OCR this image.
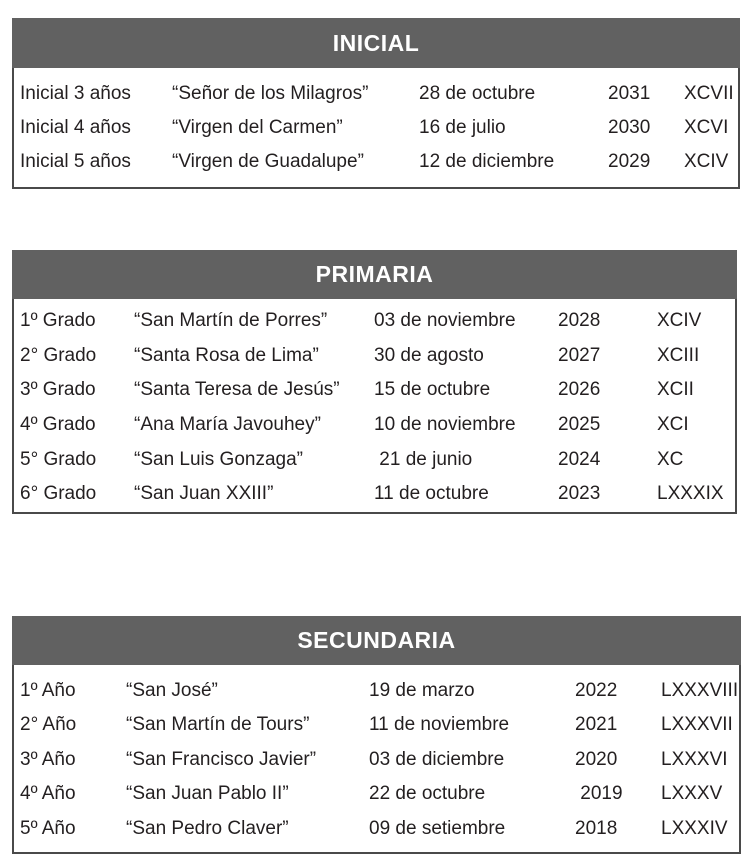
INICIAL
Inicial 3 años “Señor de los Milagros”	28 de octubre	2031 XCVII
Inicial 4 años “Virgen del Carmen”	16 de julio	2030 XCVI
Inicial 5 años “Virgen de Guadalupe”	12 de diciembre	2029 XCIV
PRIMARIA
1º Grado “San Martín de Porres” 03 de noviembre 2028	XCIV
2° Grado “Santa Rosa de Lima”	30 de agosto	2027	XCIII
3º Grado “Santa Teresa de Jesús” 15 de octubre	2026	XCII
4º Grado “Ana María Javouhey”	10 de noviembre 2025	XCI
5° Grado “San Luis Gonzaga”	21 de junio	2024	XC
6° Grado “San Juan XXIII”	11 de octubre	2023	LXXXIX
SECUNDARIA
1º Año	“San José”	19 de marzo	2022 LXXXVIII
2° Año	“San Martín de Tours”	11 de noviembre	2021 LXXXVII
3º Año	“San Francisco Javier”	03 de diciembre	2020 LXXXVI
4º Año	“San Juan Pablo II”	22 de octubre	2019 LXXXV
5º Año	“San Pedro Claver”	09 de setiembre	2018 LXXXIV
